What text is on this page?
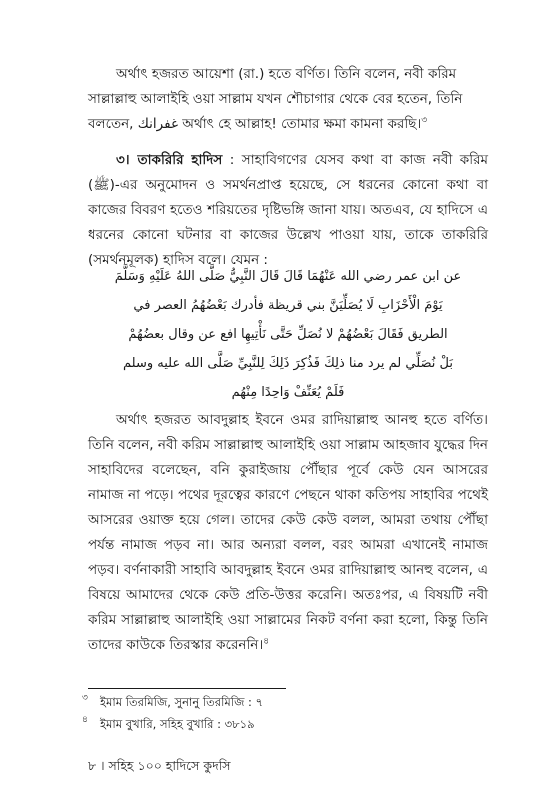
অর্থাৎ হজরত আয়েশা (রা.) হতে বর্ণিত। তিনি বলেন, নবী করিম
সাল্লাল্লাহু আলাইহি ওয়া সাল্লাম যখন শৌচাগার থেকে বের হতেন, তিনি
বলতেন, غفرانك অর্থাৎ হে আল্লাহ! তোমার ক্ষমা কামনা করছি।$^৩$

৩। তাকরিরি হাদিস : সাহাবিগণের যেসব কথা বা কাজ নবী করিম (ﷺ)-এর অনুমোদন ও সমর্থনপ্রাপ্ত হয়েছে, সে ধরনের কোনো কথা বা কাজের বিবরণ হতেও শরিয়তের দৃষ্টিভঙ্গি জানা যায়। অতএব, যে হাদিসে এ ধরনের কোনো ঘটনার বা কাজের উল্লেখ পাওয়া যায়, তাকে তাকরিরি (সমর্থনমূলক) হাদিস বলে। যেমন :

عن ابن عمر رضي الله عَنْهُمَا قَالَ قَالَ النَّبِيُّ صَلَّى اللهُ عَلَيْهِ وَسَلَّمَ
يَوْمَ الْأَحْزَابِ لَا يُصَلِّيَنَّ بني قريظة فأدرك بَعْضُهُمُ العصر في
الطريق فَقَالَ بَعْضُهُمْ لا نُصَلِّ حَتَّى نَأْتِيهِا افع عن وقال بعضُهُمْ
بَلْ نُصَلِّي لم يرد منا ذلِكَ فَذُكِرَ ذَلِكَ لِلنَّبِيِّ صَلَّى الله عليه وسلم
فَلَمْ يُعَنِّفْ وَاحِدًا مِنْهُم

অর্থাৎ হজরত আবদুল্লাহ ইবনে ওমর রাদিয়াল্লাহু আনহু হতে বর্ণিত। তিনি বলেন, নবী করিম সাল্লাল্লাহু আলাইহি ওয়া সাল্লাম আহজাব যুদ্ধের দিন সাহাবিদের বলেছেন, বনি কুরাইজায় পৌঁছার পূর্বে কেউ যেন আসরের নামাজ না পড়ে। পথের দূরত্বের কারণে পেছনে থাকা কতিপয় সাহাবির পথেই আসরের ওয়াক্ত হয়ে গেল। তাদের কেউ কেউ বলল, আমরা তথায় পৌঁছা পর্যন্ত নামাজ পড়ব না। আর অন্যরা বলল, বরং আমরা এখানেই নামাজ পড়ব। বর্ণনাকারী সাহাবি আবদুল্লাহ ইবনে ওমর রাদিয়াল্লাহু আনহু বলেন, এ বিষয়ে আমাদের থেকে কেউ প্রতি-উত্তর করেনি। অতঃপর, এ বিষয়টি নবী করিম সাল্লাল্লাহু আলাইহি ওয়া সাল্লামের নিকট বর্ণনা করা হলো, কিন্তু তিনি তাদের কাউকে তিরস্কার করেননি।$^৪$

৩	ইমাম তিরমিজি, সুনানু তিরমিজি : ৭
৪	ইমাম বুখারি, সহিহ বুখারি : ৩৮১৯
৮ । সহিহ ১০০ হাদিসে কুদসি
